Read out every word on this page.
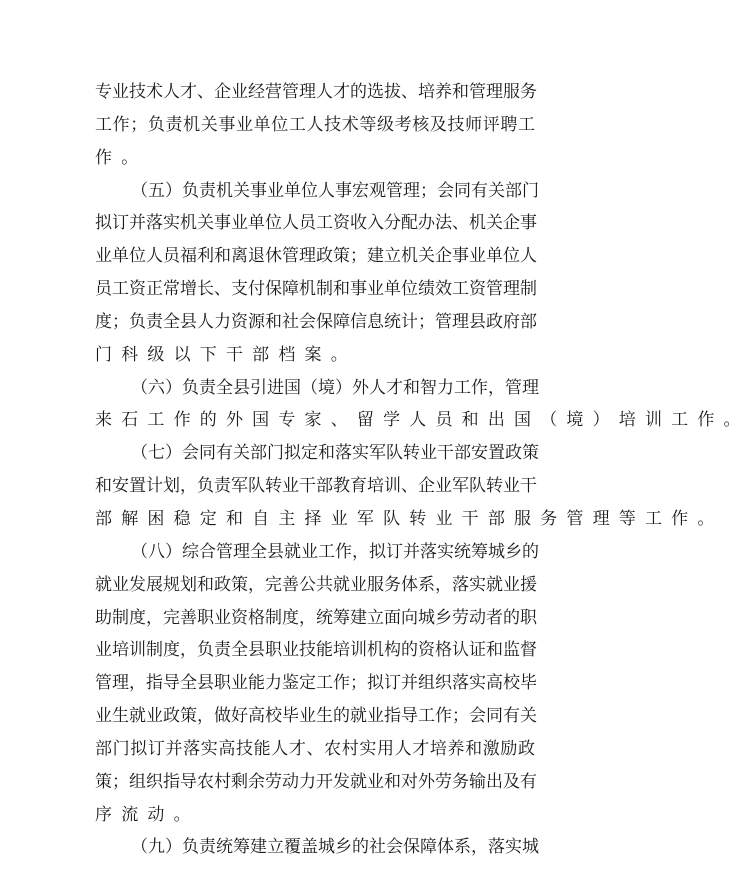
专 业 技 术 人 才 、 企 业 经 营 管 理 人 才 的 选 拔 、 培 养 和 管 理 服 务
工 作 ； 负 责 机 关 事 业 单 位 工 人 技 术 等 级 考 核 及 技 师 评 聘 工
作 。
（ 五 ） 负 责 机 关 事 业 单 位 人 事 宏 观 管 理 ； 会 同 有 关 部 门
拟 订 并 落 实 机 关 事 业 单 位 人 员 工 资 收 入 分 配 办 法 、 机 关 企 事
业 单 位 人 员 福 利 和 离 退 休 管 理 政 策 ； 建 立 机 关 企 事 业 单 位 人
员 工 资 正 常 增 长 、 支 付 保 障 机 制 和 事 业 单 位 绩 效 工 资 管 理 制
度 ； 负 责 全 县 人 力 资 源 和 社 会 保 障 信 息 统 计 ； 管 理 县 政 府 部
门 科 级 以 下 干 部 档 案 。
（ 六 ） 负 责 全 县 引 进 国 （ 境 ） 外 人 才 和 智 力 工 作 ， 管 理
来 石 工 作 的 外 国 专 家 、 留 学 人 员 和 出 国 （ 境 ） 培 训 工 作 。
（ 七 ） 会 同 有 关 部 门 拟 定 和 落 实 军 队 转 业 干 部 安 置 政 策
和 安 置 计 划 ， 负 责 军 队 转 业 干 部 教 育 培 训 、 企 业 军 队 转 业 干
部 解 困 稳 定 和 自 主 择 业 军 队 转 业 干 部 服 务 管 理 等 工 作 。
（ 八 ） 综 合 管 理 全 县 就 业 工 作 ， 拟 订 并 落 实 统 筹 城 乡 的
就 业 发 展 规 划 和 政 策 ， 完 善 公 共 就 业 服 务 体 系 ， 落 实 就 业 援
助 制 度 ， 完 善 职 业 资 格 制 度 ， 统 筹 建 立 面 向 城 乡 劳 动 者 的 职
业 培 训 制 度 ， 负 责 全 县 职 业 技 能 培 训 机 构 的 资 格 认 证 和 监 督
管 理 ， 指 导 全 县 职 业 能 力 鉴 定 工 作 ； 拟 订 并 组 织 落 实 高 校 毕
业 生 就 业 政 策 ， 做 好 高 校 毕 业 生 的 就 业 指 导 工 作 ； 会 同 有 关
部 门 拟 订 并 落 实 高 技 能 人 才 、 农 村 实 用 人 才 培 养 和 激 励 政
策 ； 组 织 指 导 农 村 剩 余 劳 动 力 开 发 就 业 和 对 外 劳 务 输 出 及 有
序 流 动 。
（ 九 ） 负 责 统 筹 建 立 覆 盖 城 乡 的 社 会 保 障 体 系 ， 落 实 城
